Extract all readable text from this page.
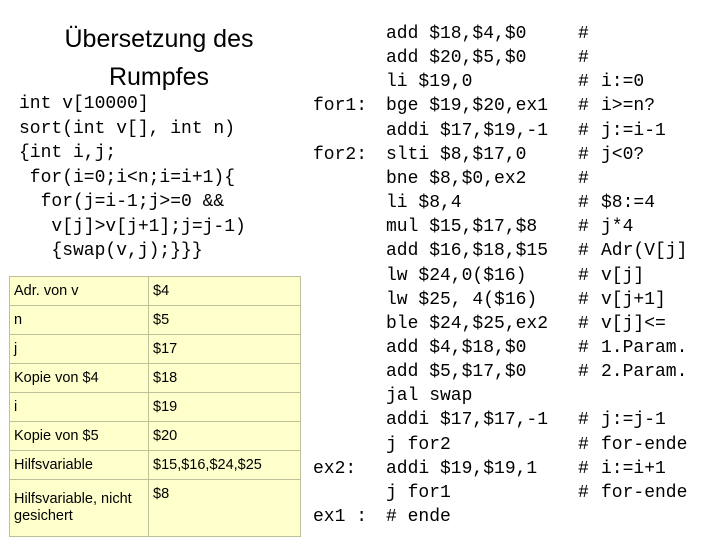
Übersetzung des
Rumpfes
int v[10000]
sort(int v[], int n)
{int i,j;
for(i=0;i<n;i=i+1){
for(j=i-1;j>=0 &&
v[j]>v[j+1];j=j-1)
{swap(v,j);}}}
Adr. von v	$4
n	$5
j	$17
Kopie von $4	$18
i	$19
Kopie von $5	$20
Hilfsvariable	$15,$16,$24,$25
Hilfsvariable, nicht gesichert	$8
add $18,$4,$0	#
add $20,$5,$0	#
li $19,0	# i:=0
for1: bge $19,$20,ex1 # i>=n?
addi $17,$19,-1 # j:=i-1
for2: slti $8,$17,0	# j<0?
bne $8,$0,ex2	#
li $8,4	# $8:=4
mul $15,$17,$8 # j*4
add $16,$18,$15 # Adr(V[j]
lw $24,0($16)	# v[j]
lw $25, 4($16) # v[j+1]
ble $24,$25,ex2 # v[j]<=
add $4,$18,$0	# 1.Param.
add $5,$17,$0	# 2.Param.
jal swap
addi $17,$17,-1 # j:=j-1
j for2	# for-ende
ex2: addi $19,$19,1 # i:=i+1
j for1	# for-ende
ex1 : # ende
